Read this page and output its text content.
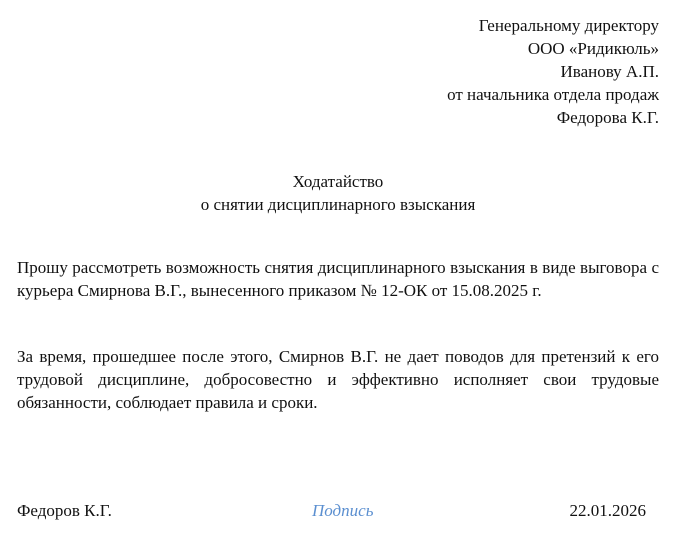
Генеральному директору
ООО «Ридикюль»
Иванову А.П.
от начальника отдела продаж
Федорова К.Г.
Ходатайство
о снятии дисциплинарного взыскания

Прошу рассмотреть возможность снятия дисциплинарного взыскания в виде выговора с курьера Смирнова В.Г., вынесенного приказом № 12-ОК от 15.08.2025 г.

За время, прошедшее после этого, Смирнов В.Г. не дает поводов для претензий к его трудовой дисциплине, добросовестно и эффективно исполняет свои трудовые обязанности, соблюдает правила и сроки.

Федоров К.Г.	Подпись	22.01.2026
